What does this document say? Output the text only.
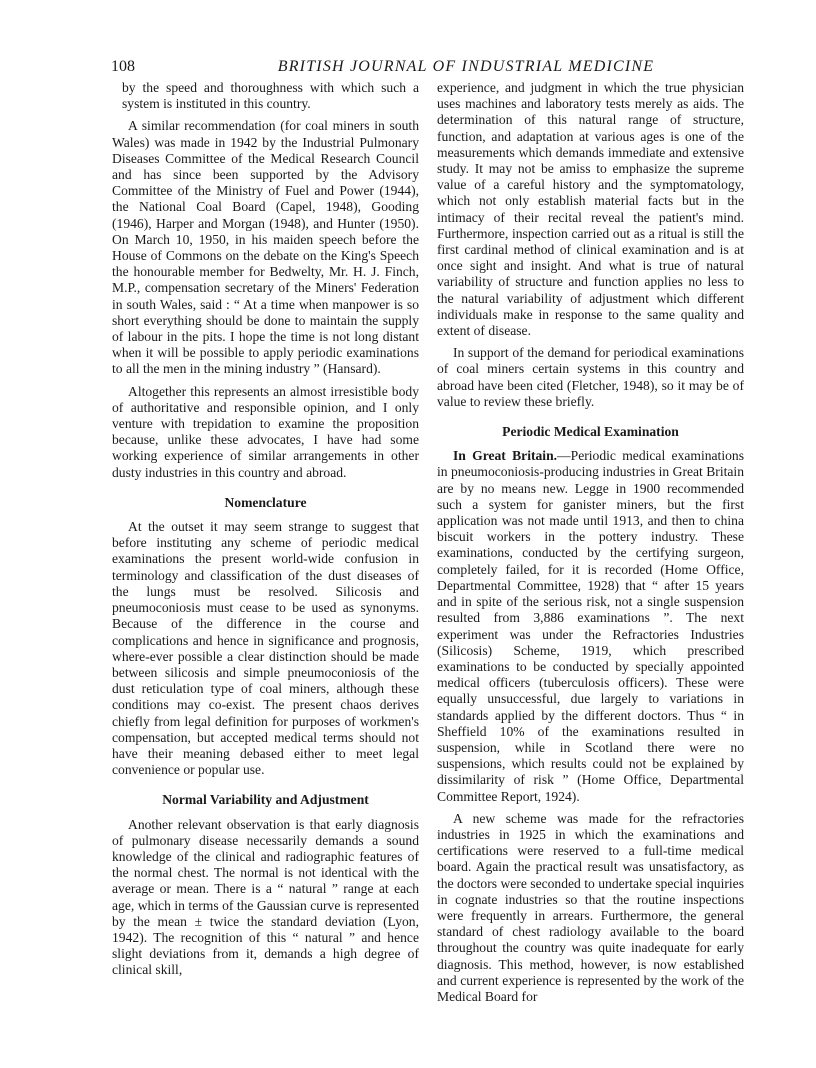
108	BRITISH JOURNAL OF INDUSTRIAL MEDICINE

by the speed and thoroughness with which such a system is instituted in this country.

A similar recommendation (for coal miners in south Wales) was made in 1942 by the Industrial Pulmonary Diseases Committee of the Medical Research Council and has since been supported by the Advisory Committee of the Ministry of Fuel and Power (1944), the National Coal Board (Capel, 1948), Gooding (1946), Harper and Morgan (1948), and Hunter (1950). On March 10, 1950, in his maiden speech before the House of Commons on the debate on the King's Speech the honourable member for Bedwelty, Mr. H. J. Finch, M.P., compensation secretary of the Miners' Federation in south Wales, said : “ At a time when manpower is so short everything should be done to maintain the supply of labour in the pits. I hope the time is not long distant when it will be possible to apply periodic examinations to all the men in the mining industry ” (Hansard).

Altogether this represents an almost irresistible body of authoritative and responsible opinion, and I only venture with trepidation to examine the proposition because, unlike these advocates, I have had some working experience of similar arrangements in other dusty industries in this country and abroad.

Nomenclature

At the outset it may seem strange to suggest that before instituting any scheme of periodic medical examinations the present world-wide confusion in terminology and classification of the dust diseases of the lungs must be resolved. Silicosis and pneumoconiosis must cease to be used as synonyms. Because of the difference in the course and complications and hence in significance and prognosis, where-ever possible a clear distinction should be made between silicosis and simple pneumoconiosis of the dust reticulation type of coal miners, although these conditions may co-exist. The present chaos derives chiefly from legal definition for purposes of workmen's compensation, but accepted medical terms should not have their meaning debased either to meet legal convenience or popular use.

Normal Variability and Adjustment

Another relevant observation is that early diagnosis of pulmonary disease necessarily demands a sound knowledge of the clinical and radiographic features of the normal chest. The normal is not identical with the average or mean. There is a “ natural ” range at each age, which in terms of the Gaussian curve is represented by the mean ± twice the standard deviation (Lyon, 1942). The recognition of this “ natural ” and hence slight deviations from it, demands a high degree of clinical skill,

experience, and judgment in which the true physician uses machines and laboratory tests merely as aids. The determination of this natural range of structure, function, and adaptation at various ages is one of the measurements which demands immediate and extensive study. It may not be amiss to emphasize the supreme value of a careful history and the symptomatology, which not only establish material facts but in the intimacy of their recital reveal the patient's mind. Furthermore, inspection carried out as a ritual is still the first cardinal method of clinical examination and is at once sight and insight. And what is true of natural variability of structure and function applies no less to the natural variability of adjustment which different individuals make in response to the same quality and extent of disease.

In support of the demand for periodical examinations of coal miners certain systems in this country and abroad have been cited (Fletcher, 1948), so it may be of value to review these briefly.

Periodic Medical Examination

In Great Britain.—Periodic medical examinations in pneumoconiosis-producing industries in Great Britain are by no means new. Legge in 1900 recommended such a system for ganister miners, but the first application was not made until 1913, and then to china biscuit workers in the pottery industry. These examinations, conducted by the certifying surgeon, completely failed, for it is recorded (Home Office, Departmental Committee, 1928) that “ after 15 years and in spite of the serious risk, not a single suspension resulted from 3,886 examinations ”. The next experiment was under the Refractories Industries (Silicosis) Scheme, 1919, which prescribed examinations to be conducted by specially appointed medical officers (tuberculosis officers). These were equally unsuccessful, due largely to variations in standards applied by the different doctors. Thus “ in Sheffield 10% of the examinations resulted in suspension, while in Scotland there were no suspensions, which results could not be explained by dissimilarity of risk ” (Home Office, Departmental Committee Report, 1924).

A new scheme was made for the refractories industries in 1925 in which the examinations and certifications were reserved to a full-time medical board. Again the practical result was unsatisfactory, as the doctors were seconded to undertake special inquiries in cognate industries so that the routine inspections were frequently in arrears. Furthermore, the general standard of chest radiology available to the board throughout the country was quite inadequate for early diagnosis. This method, however, is now established and current experience is represented by the work of the Medical Board for
